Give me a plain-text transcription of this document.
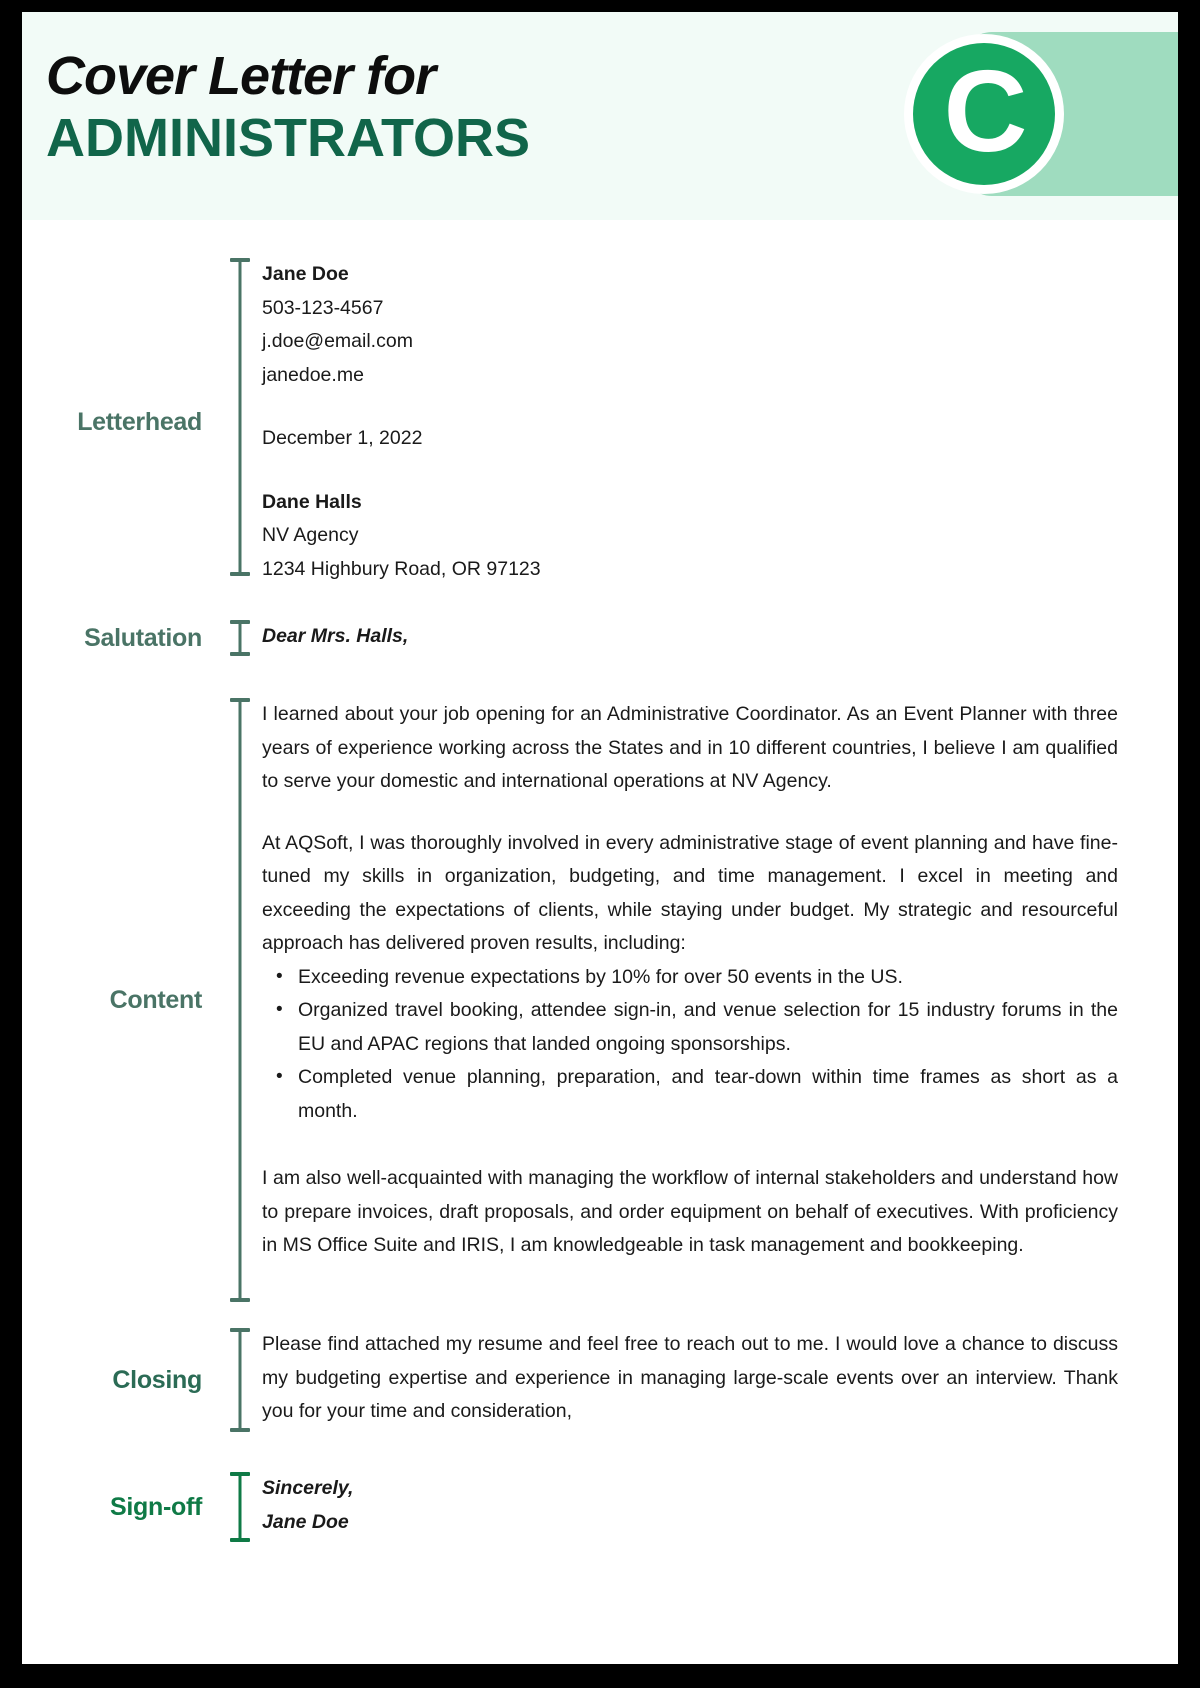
Cover Letter for
ADMINISTRATORS	C
Letterhead

Jane Doe

503-123-4567

j.doe@email.com

janedoe.me

December 1, 2022

Dane Halls

NV Agency

1234 Highbury Road, OR 97123

Salutation	Dear Mrs. Halls,

Content

I learned about your job opening for an Administrative Coordinator. As an Event Planner with three years of experience working across the States and in 10 different countries, I believe I am qualified to serve your domestic and international operations at NV Agency.

At AQSoft, I was thoroughly involved in every administrative stage of event planning and have fine-tuned my skills in organization, budgeting, and time management. I excel in meeting and exceeding the expectations of clients, while staying under budget. My strategic and resourceful approach has delivered proven results, including:

• Exceeding revenue expectations by 10% for over 50 events in the US.
• Organized travel booking, attendee sign-in, and venue selection for 15 industry forums in the EU and APAC regions that landed ongoing sponsorships.
• Completed venue planning, preparation, and tear-down within time frames as short as a month.

I am also well-acquainted with managing the workflow of internal stakeholders and understand how to prepare invoices, draft proposals, and order equipment on behalf of executives. With proficiency in MS Office Suite and IRIS, I am knowledgeable in task management and bookkeeping.

Closing

Please find attached my resume and feel free to reach out to me. I would love a chance to discuss my budgeting expertise and experience in managing large-scale events over an interview. Thank you for your time and consideration,

Sign-off

Sincerely,

Jane Doe
